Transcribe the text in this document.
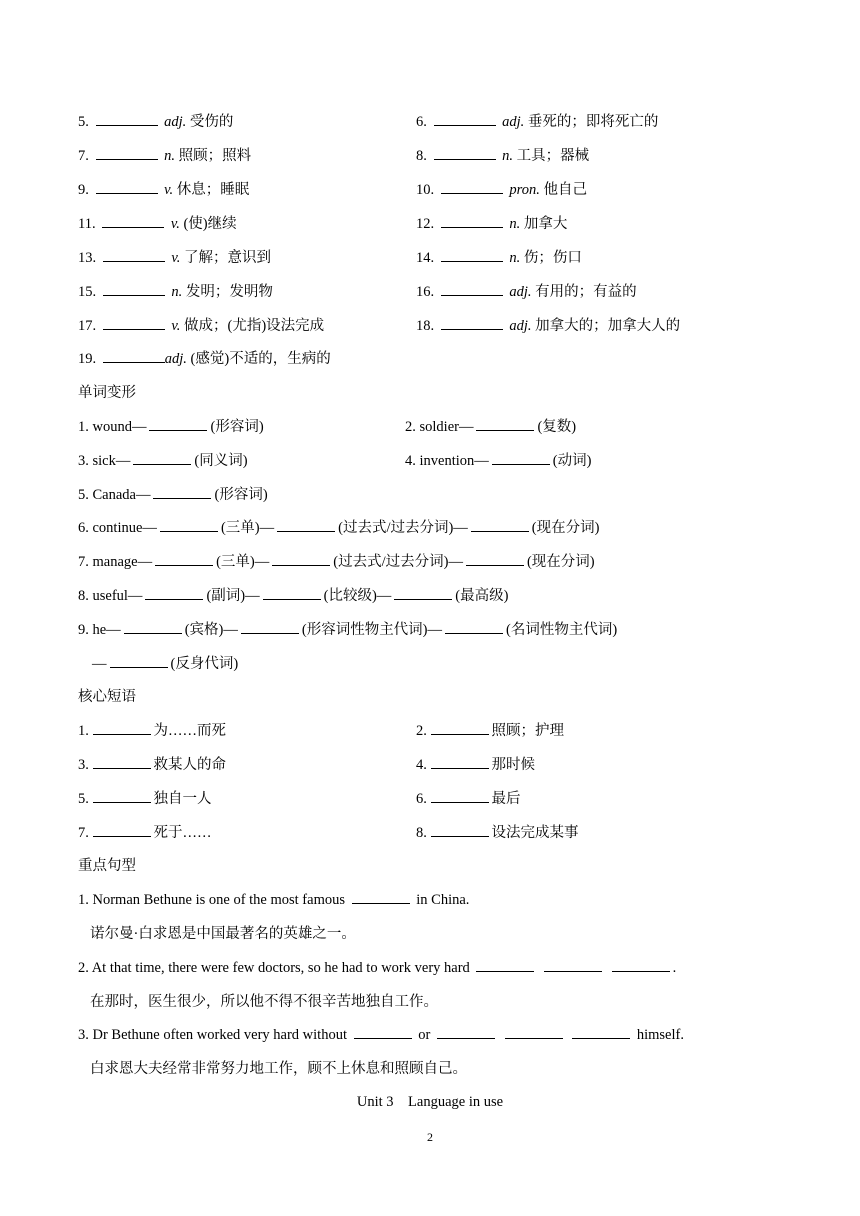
5.	adj. 受伤的	6.	adj. 垂死的；即将死亡的
7.	n. 照顾；照料	8.	n. 工具；器械
9.	v. 休息；睡眠	10.	pron. 他自己
11.	v. (使)继续	12.	n. 加拿大
13.	v. 了解；意识到	14.	n. 伤；伤口
15.	n. 发明；发明物	16.	adj. 有用的；有益的
17.	v. 做成；(尤指)设法完成	18.	adj. 加拿大的；加拿大人的
19.	adj. (感觉)不适的，生病的
单词变形
1. wound—	(形容词)	2. soldier—	(复数)
3. sick—	(同义词)	4. invention—	(动词)
5. Canada—	(形容词)
6. continue—	(三单)—	(过去式/过去分词)—	(现在分词)
7. manage—	(三单)—	(过去式/过去分词)—	(现在分词)
8. useful—	(副词)—	(比较级)—	(最高级)
9. he—	(宾格)—	(形容词性物主代词)—	(名词性物主代词)
—	(反身代词)
核心短语
1.	为……而死	2.	照顾；护理
3.	救某人的命	4.	那时候
5.	独自一人	6.	最后
7.	死于……	8.	设法完成某事
重点句型
1. Norman Bethune is one of the most famous	in China.
诺尔曼·白求恩是中国最著名的英雄之一。
2. At that time, there were few doctors, so he had to work very hard	.
在那时，医生很少，所以他不得不很辛苦地独自工作。
3. Dr Bethune often worked very hard without	or	himself.
白求恩大夫经常非常努力地工作，顾不上休息和照顾自己。
Unit 3    Language in use
2
